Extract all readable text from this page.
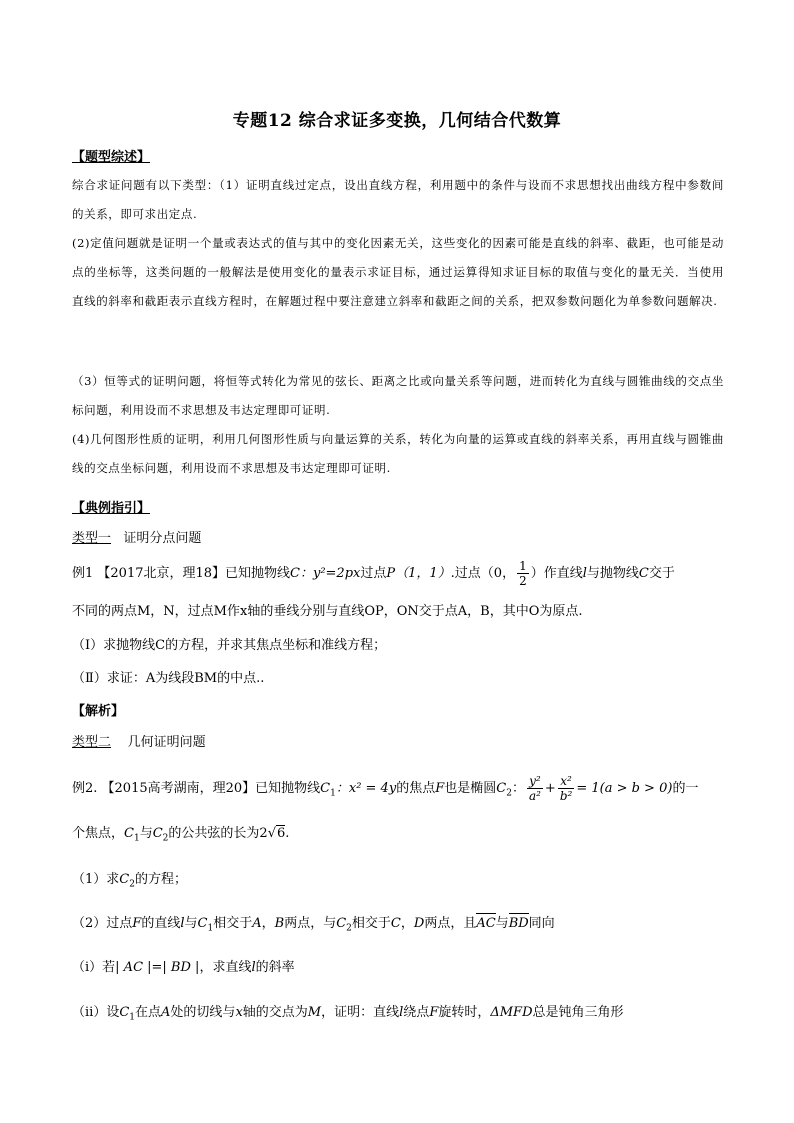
专题12 综合求证多变换，几何结合代数算
【题型综述】
综合求证问题有以下类型：（1）证明直线过定点，设出直线方程，利用题中的条件与设而不求思想找出曲线方程中参数间的关系，即可求出定点.
(2)定值问题就是证明一个量或表达式的值与其中的变化因素无关，这些变化的因素可能是直线的斜率、截距，也可能是动点的坐标等，这类问题的一般解法是使用变化的量表示求证目标，通过运算得知求证目标的取值与变化的量无关．当使用直线的斜率和截距表示直线方程时，在解题过程中要注意建立斜率和截距之间的关系，把双参数问题化为单参数问题解决.
（3）恒等式的证明问题，将恒等式转化为常见的弦长、距离之比或向量关系等问题，进而转化为直线与圆锥曲线的交点坐标问题，利用设而不求思想及韦达定理即可证明.
(4)几何图形性质的证明，利用几何图形性质与向量运算的关系，转化为向量的运算或直线的斜率关系，再用直线与圆锥曲线的交点坐标问题，利用设而不求思想及韦达定理即可证明.
【典例指引】
类型一 证明分点问题
例1 【2017北京，理18】已知抛物线C：y²=2px过点P（1，1）.过点（0， $\frac{1}{2}$ ）作直线l与抛物线C交于
不同的两点M，N，过点M作x轴的垂线分别与直线OP，ON交于点A，B，其中O为原点.
（Ⅰ）求抛物线C的方程，并求其焦点坐标和准线方程；
（Ⅱ）求证：A为线段BM的中点..
【解析】
类型二 几何证明问题
例2. 【2015高考湖南，理20】已知抛物线$C_1$：x² = 4y的焦点F也是椭圆$C_2$： $\frac{\text{y²}}{\text{a²}} + \frac{\text{x²}}{\text{b²}} = 1(a > b > 0)$的一
个焦点，$C_1$与$C_2$的公共弦的长为2√6.
（1）求$C_2$的方程；
（2）过点F的直线l与$C_1$相交于A，B两点，与$C_2$相交于C，D两点，且AC与BD同向
（ⅰ）若| AC |=| BD |，求直线l的斜率
（ⅱ）设$C_1$在点A处的切线与x轴的交点为M，证明：直线l绕点F旋转时，ΔMFD总是钝角三角形
